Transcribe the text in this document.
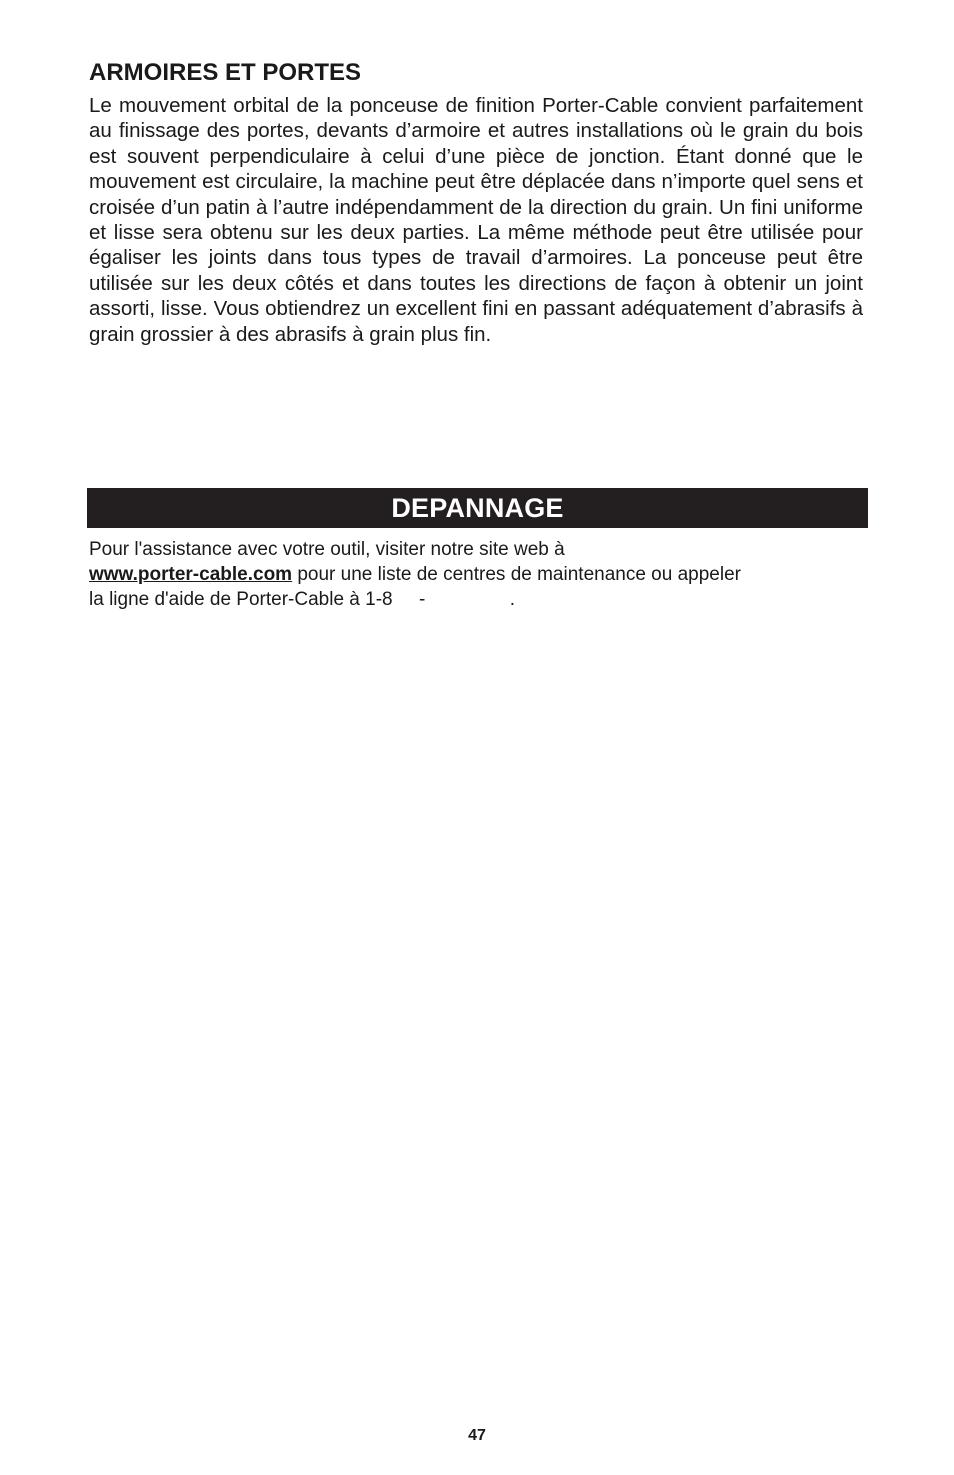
ARMOIRES ET PORTES

Le mouvement orbital de la ponceuse de finition Porter-Cable convient parfaitement au finissage des portes, devants d’armoire et autres installations où le grain du bois est souvent perpendiculaire à celui d’une pièce de jonction. Étant donné que le mouvement est circulaire, la machine peut être déplacée dans n’importe quel sens et croisée d’un patin à l’autre indépendamment de la direction du grain. Un fini uniforme et lisse sera obtenu sur les deux parties. La même méthode peut être utilisée pour égaliser les joints dans tous types de travail d’armoires. La ponceuse peut être utilisée sur les deux côtés et dans toutes les directions de façon à obtenir un joint assorti, lisse. Vous obtiendrez un excellent fini en passant adéquatement d’abrasifs à grain grossier à des abrasifs à grain plus fin.

DEPANNAGE

Pour l'assistance avec votre outil, visiter notre site web à
www.porter-cable.com pour une liste de centres de maintenance ou appeler
la ligne d'aide de Porter-Cable à 1-8     -                .

47
